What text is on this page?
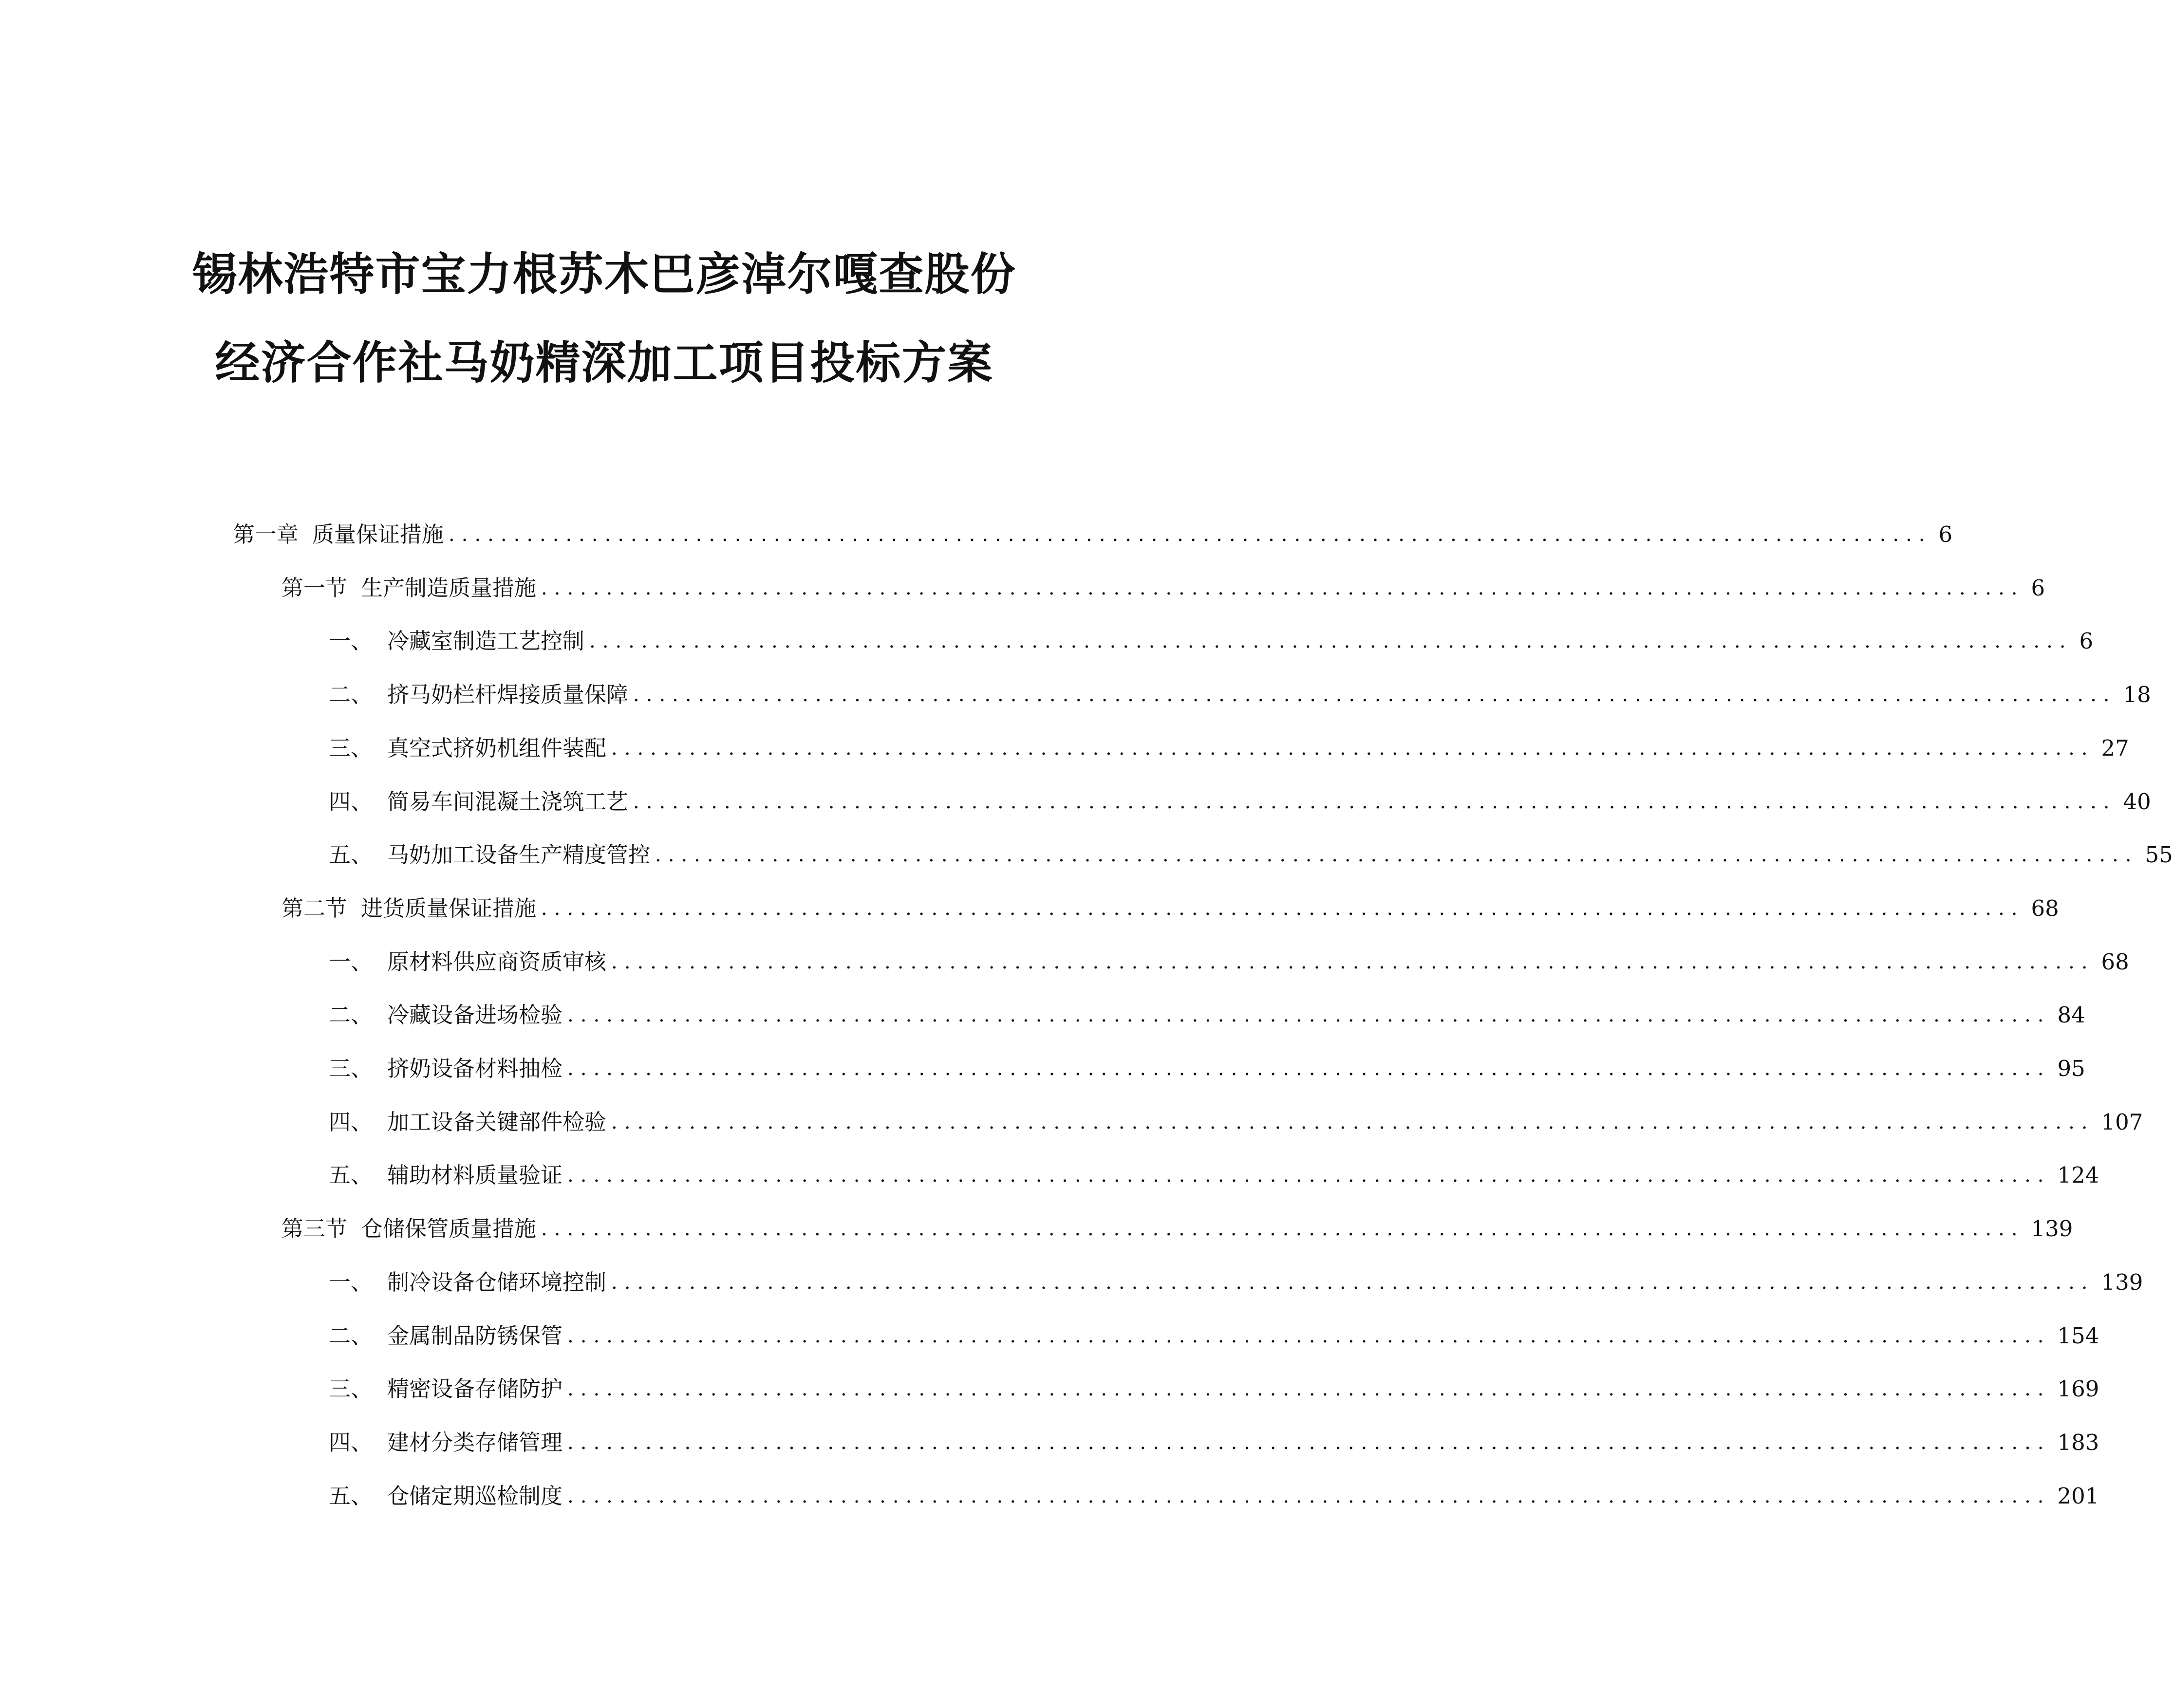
锡林浩特市宝力根苏木巴彦淖尔嘎查股份
经济合作社马奶精深加工项目投标方案
第一章 质量保证措施 .................................................................................................................. 6
第一节 生产制造质量措施 .................................................................................................................. 6
一、 冷藏室制造工艺控制 .................................................................................................................. 6
二、 挤马奶栏杆焊接质量保障 .................................................................................................................. 18
三、 真空式挤奶机组件装配 .................................................................................................................. 27
四、 简易车间混凝土浇筑工艺 .................................................................................................................. 40
五、 马奶加工设备生产精度管控 .................................................................................................................. 55
第二节 进货质量保证措施 .................................................................................................................. 68
一、 原材料供应商资质审核 .................................................................................................................. 68
二、 冷藏设备进场检验 .................................................................................................................. 84
三、 挤奶设备材料抽检 .................................................................................................................. 95
四、 加工设备关键部件检验 .................................................................................................................. 107
五、 辅助材料质量验证 .................................................................................................................. 124
第三节 仓储保管质量措施 .................................................................................................................. 139
一、 制冷设备仓储环境控制 .................................................................................................................. 139
二、 金属制品防锈保管 .................................................................................................................. 154
三、 精密设备存储防护 .................................................................................................................. 169
四、 建材分类存储管理 .................................................................................................................. 183
五、 仓储定期巡检制度 .................................................................................................................. 201
